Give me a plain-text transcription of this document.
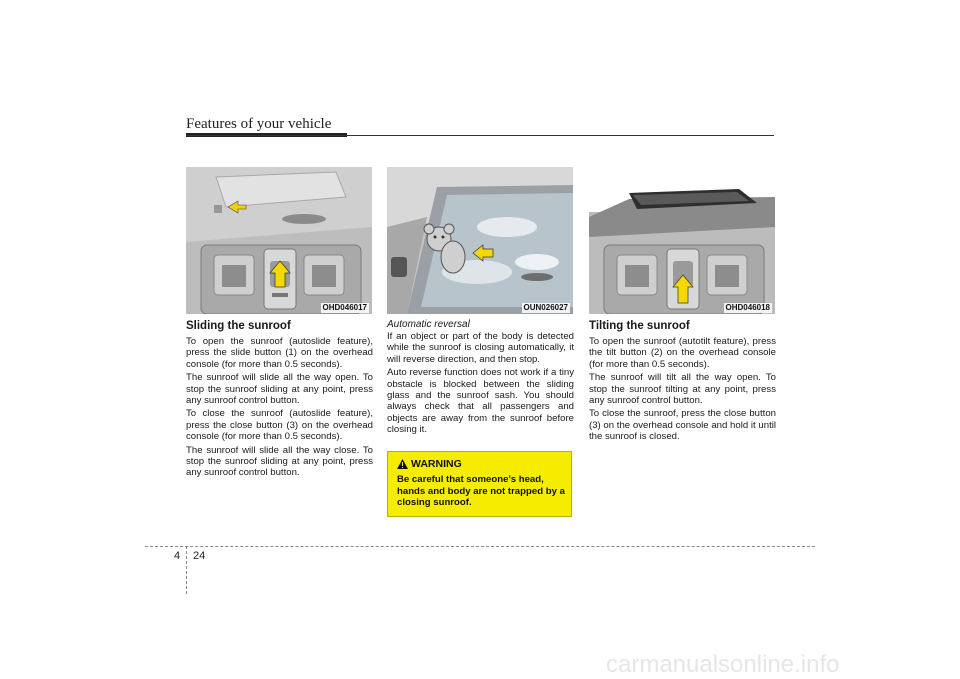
Features of your vehicle
OHD046017	OUN026027	OHD046018
Sliding the sunroof

To open the sunroof (autoslide feature), press the slide button (1) on the overhead console (for more than 0.5 seconds).

The sunroof will slide all the way open. To stop the sunroof sliding at any point, press any sunroof control button.

To close the sunroof (autoslide feature), press the close button (3) on the overhead console (for more than 0.5 seconds).

The sunroof will slide all the way close. To stop the sunroof sliding at any point, press any sunroof control button.

Automatic reversal

If an object or part of the body is detected while the sunroof is closing automatically, it will reverse direction, and then stop.

Auto reverse function does not work if a tiny obstacle is blocked between the sliding glass and the sunroof sash. You should always check that all passengers and objects are away from the sunroof before closing it.

WARNING
Be careful that someone’s head, hands and body are not trapped by a closing sunroof.
Tilting the sunroof

To open the sunroof (autotilt feature), press the tilt button (2) on the overhead console (for more than 0.5 seconds).

The sunroof will tilt all the way open. To stop the sunroof tilting at any point, press any sunroof control button.

To close the sunroof, press the close button (3) on the overhead console and hold it until the sunroof is closed.

4 24
carmanualsonline.info
